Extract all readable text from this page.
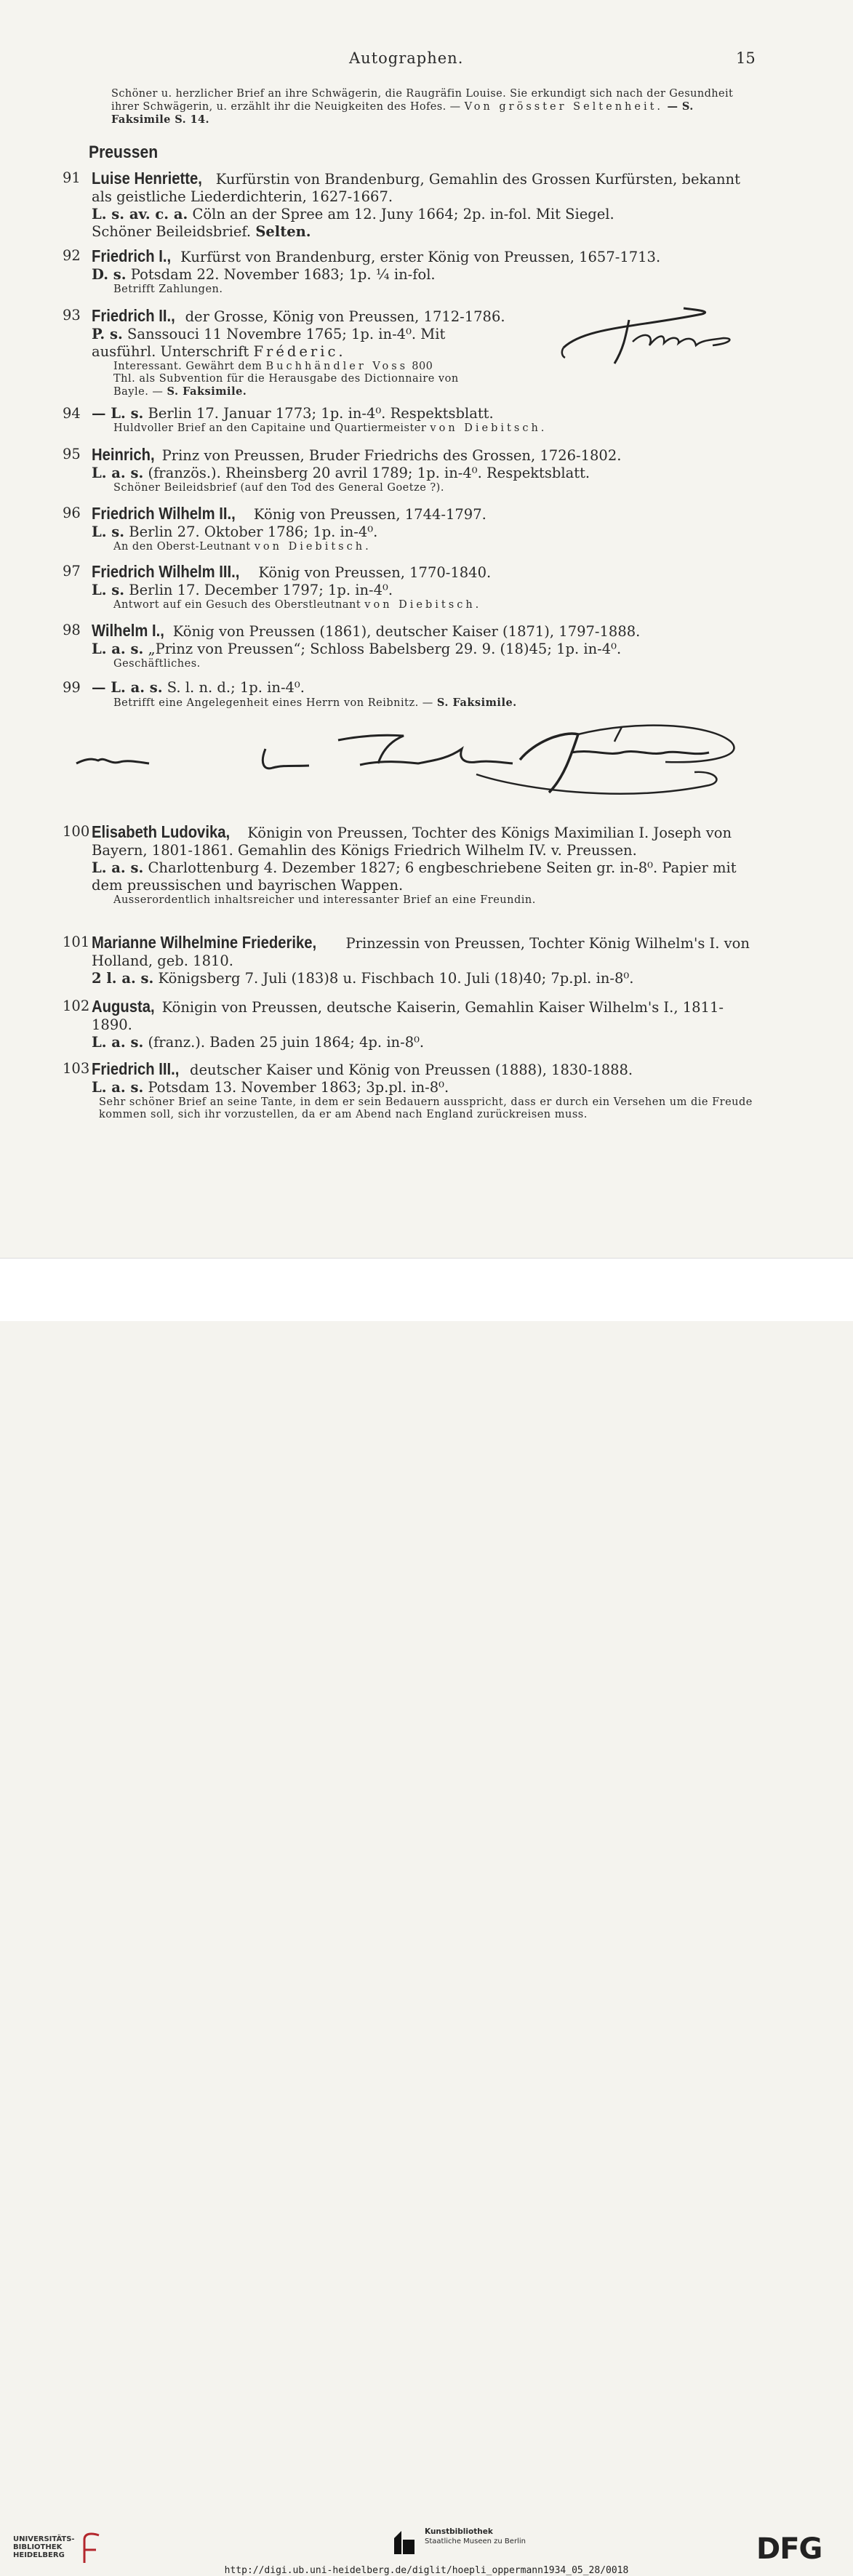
Autographen.	15
Schöner u. herzlicher Brief an ihre Schwägerin, die Raugräfin Louise. Sie erkundigt sich nach der Gesundheit ihrer Schwägerin, u. erzählt ihr die Neuigkeiten des Hofes. — Von grösster Seltenheit. — S. Faksimile S. 14.
Preussen
91 Luise Henriette, Kurfürstin von Brandenburg, Gemahlin des Grossen Kurfürsten, bekannt als geistliche Liederdichterin, 1627-1667.
L. s. av. c. a. Cöln an der Spree am 12. Juny 1664; 2p. in-fol. Mit Siegel.
Schöner Beileidsbrief. Selten.
92 Friedrich I., Kurfürst von Brandenburg, erster König von Preussen, 1657-1713.
D. s. Potsdam 22. November 1683; 1p. ¼ in-fol.
Betrifft Zahlungen.
93 Friedrich II., der Grosse, König von Preussen, 1712-1786.
P. s. Sanssouci 11 Novembre 1765; 1p. in-4⁰. Mit
ausführl. Unterschrift Fréderic.
Interessant. Gewährt dem Buchhändler Voss 800
Thl. als Subvention für die Herausgabe des Dictionnaire von
Bayle. — S. Faksimile.
94 — L. s. Berlin 17. Januar 1773; 1p. in-4⁰. Respektsblatt.
Huldvoller Brief an den Capitaine und Quartiermeister von Diebitsch.
95 Heinrich, Prinz von Preussen, Bruder Friedrichs des Grossen, 1726-1802.
L. a. s. (französ.). Rheinsberg 20 avril 1789; 1p. in-4⁰. Respektsblatt.
Schöner Beileidsbrief (auf den Tod des General Goetze ?).
96 Friedrich Wilhelm II., König von Preussen, 1744-1797.
L. s. Berlin 27. Oktober 1786; 1p. in-4⁰.
An den Oberst-Leutnant von Diebitsch.
97 Friedrich Wilhelm III., König von Preussen, 1770-1840.
L. s. Berlin 17. December 1797; 1p. in-4⁰.
Antwort auf ein Gesuch des Oberstleutnant von Diebitsch.
98 Wilhelm I., König von Preussen (1861), deutscher Kaiser (1871), 1797-1888.
L. a. s. „Prinz von Preussen“; Schloss Babelsberg 29. 9. (18)45; 1p. in-4⁰.
Geschäftliches.
99 — L. a. s. S. l. n. d.; 1p. in-4⁰.
Betrifft eine Angelegenheit eines Herrn von Reibnitz. — S. Faksimile.
100 Elisabeth Ludovika, Königin von Preussen, Tochter des Königs Maximilian I. Joseph von Bayern, 1801-1861. Gemahlin des Königs Friedrich Wilhelm IV. v. Preussen.
L. a. s. Charlottenburg 4. Dezember 1827; 6 engbeschriebene Seiten gr. in-8⁰. Papier mit dem preussischen und bayrischen Wappen.
Ausserordentlich inhaltsreicher und interessanter Brief an eine Freundin.
101 Marianne Wilhelmine Friederike, Prinzessin von Preussen, Tochter König Wilhelm's I. von Holland, geb. 1810.
2 l. a. s. Königsberg 7. Juli (183)8 u. Fischbach 10. Juli (18)40; 7p.pl. in-8⁰.
102 Augusta, Königin von Preussen, deutsche Kaiserin, Gemahlin Kaiser Wilhelm's I., 1811-1890.
L. a. s. (franz.). Baden 25 juin 1864; 4p. in-8⁰.
103 Friedrich III., deutscher Kaiser und König von Preussen (1888), 1830-1888.
L. a. s. Potsdam 13. November 1863; 3p.pl. in-8⁰.
Sehr schöner Brief an seine Tante, in dem er sein Bedauern ausspricht, dass er durch ein Versehen um die Freude kommen soll, sich ihr vorzustellen, da er am Abend nach England zurückreisen muss.
UNIVERSITÄTS-
BIBLIOTHEK
HEIDELBERG
Kunstbibliothek
Staatliche Museen zu Berlin	DFG
http://digi.ub.uni-heidelberg.de/diglit/hoepli_oppermann1934_05_28/0018
